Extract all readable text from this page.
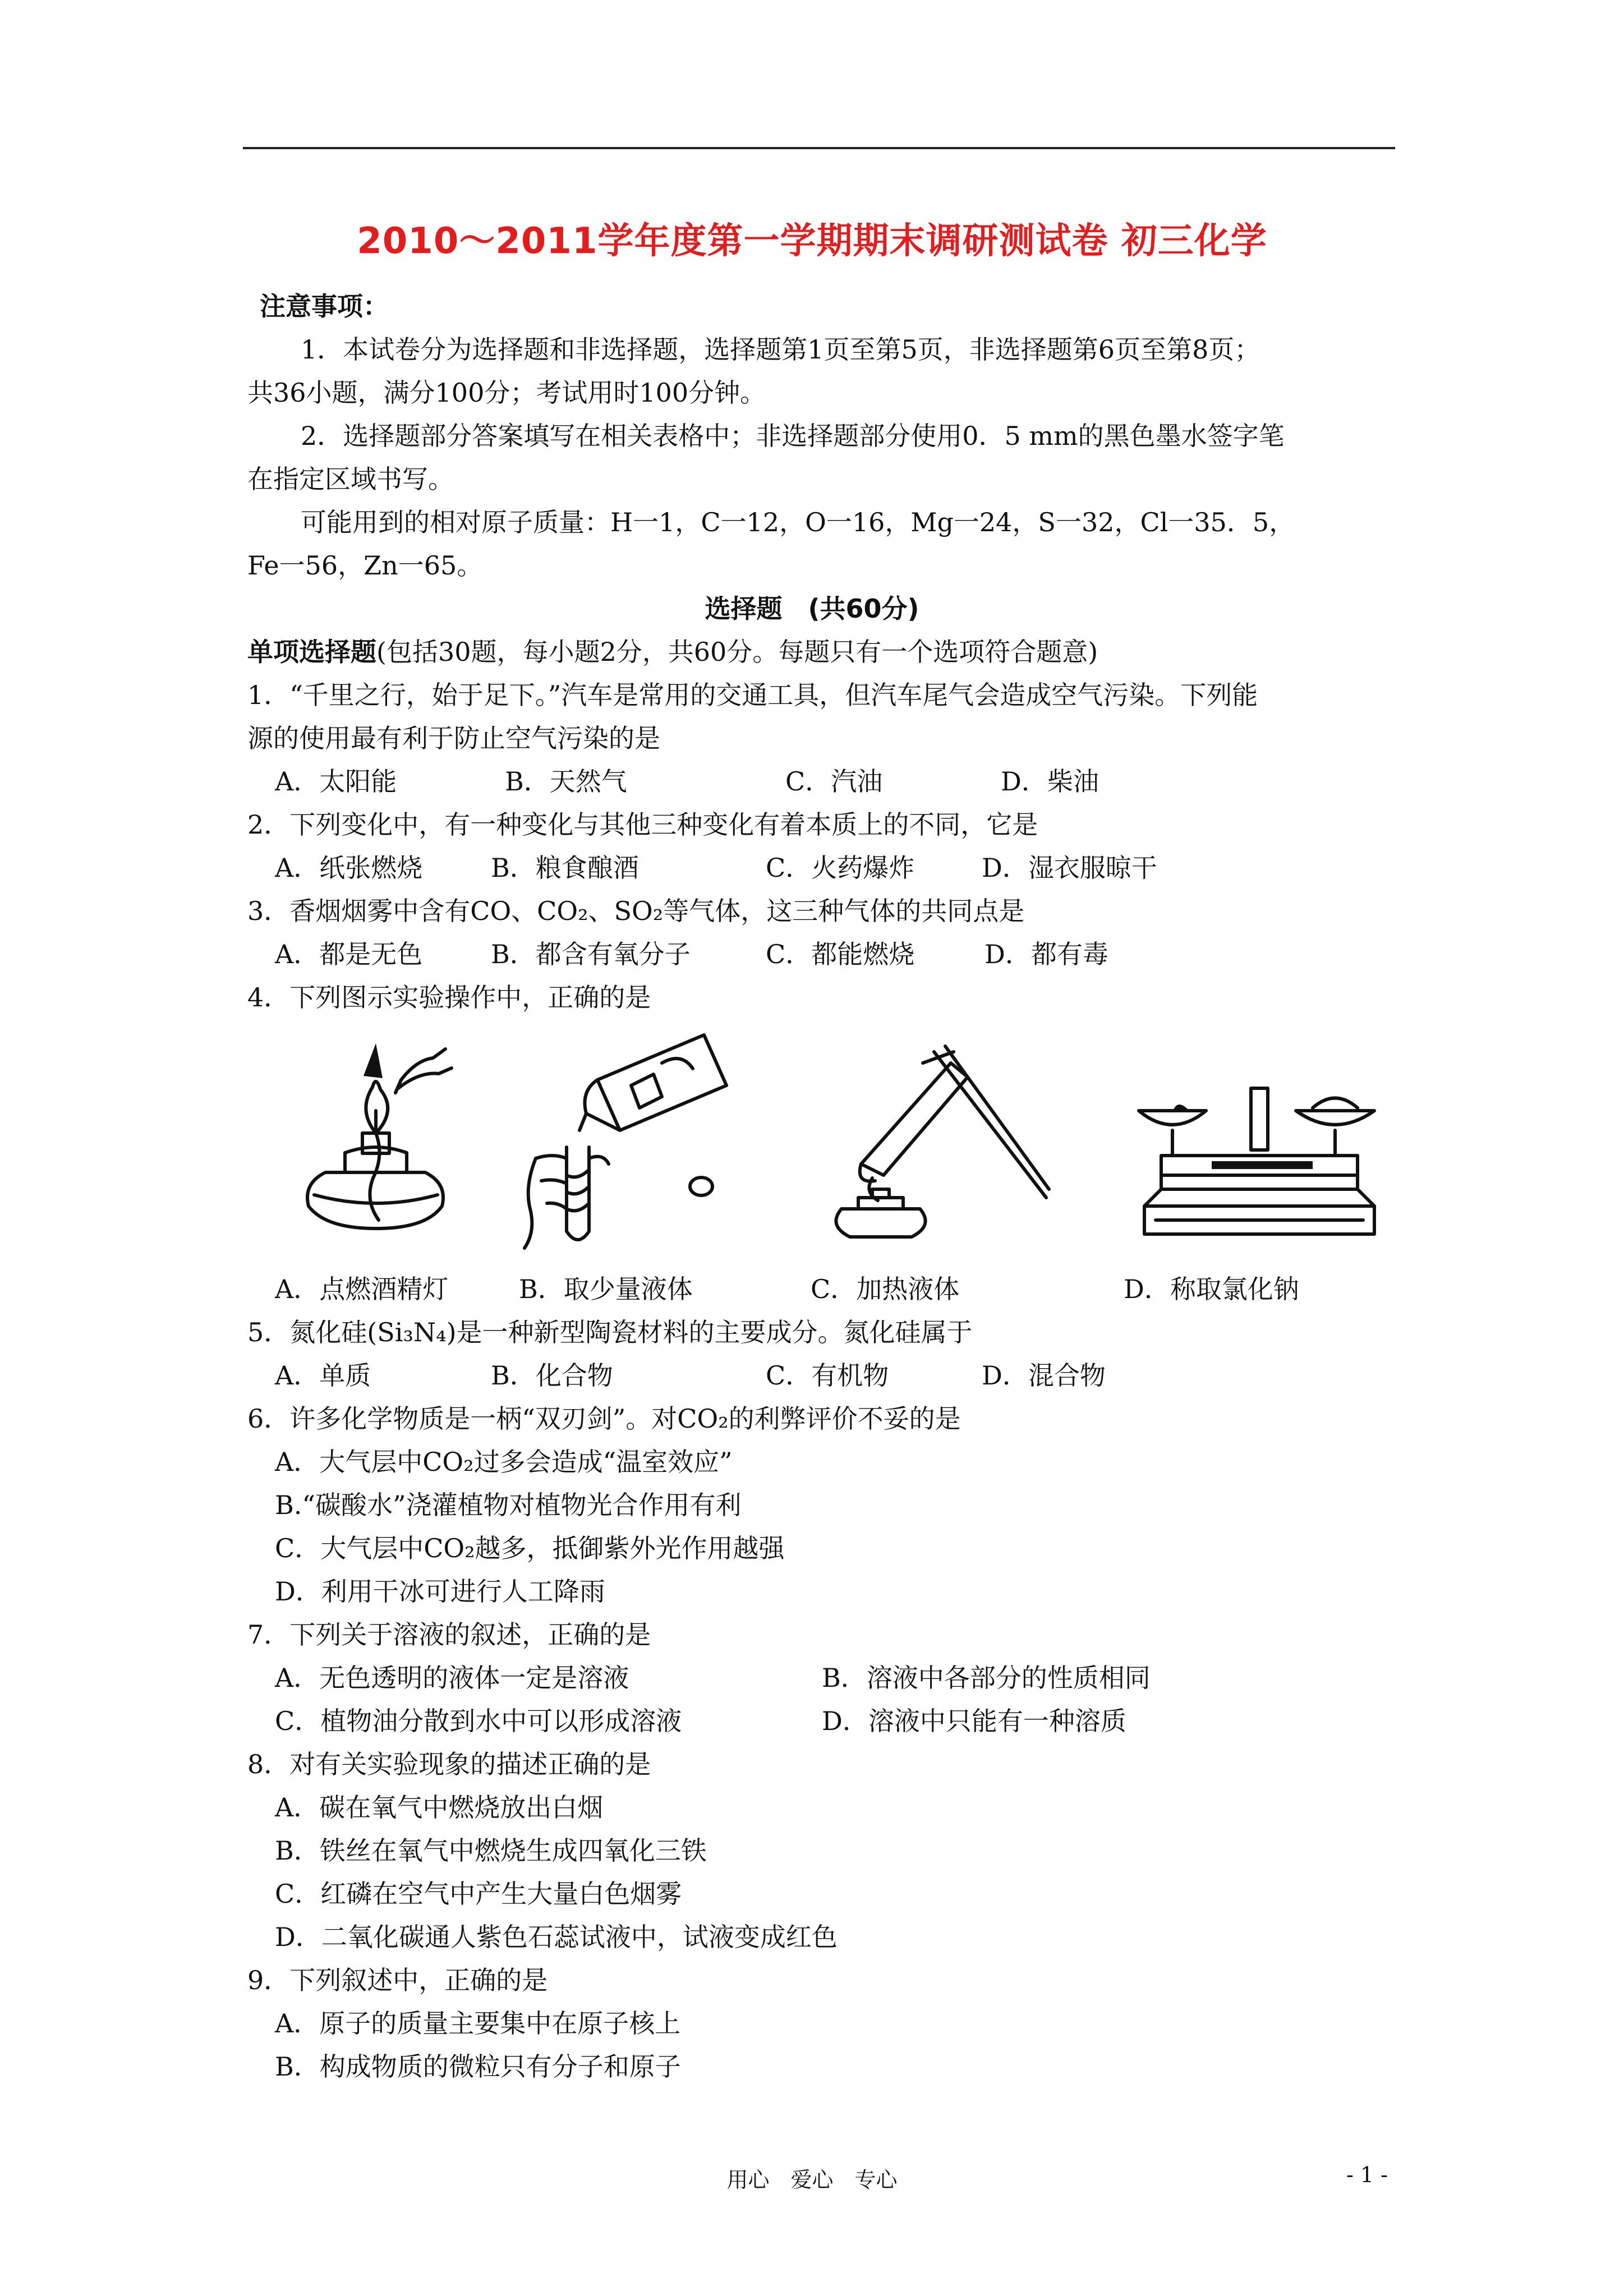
2010～2011学年度第一学期期末调研测试卷 初三化学
注意事项：
1．本试卷分为选择题和非选择题，选择题第1页至第5页，非选择题第6页至第8页；
共36小题，满分100分；考试用时100分钟。
2．选择题部分答案填写在相关表格中；非选择题部分使用0．5 mm的黑色墨水签字笔
在指定区域书写。
可能用到的相对原子质量：H一1，C一12，O一16，Mg一24，S一32，Cl一35．5，
Fe一56，Zn一65。
选择题　(共60分)
单项选择题(包括30题，每小题2分，共60分。每题只有一个选项符合题意)
1．“千里之行，始于足下。”汽车是常用的交通工具，但汽车尾气会造成空气污染。下列能
源的使用最有利于防止空气污染的是
A．太阳能	B．天然气	C．汽油	D．柴油
2．下列变化中，有一种变化与其他三种变化有着本质上的不同，它是
A．纸张燃烧	B．粮食酿酒	C．火药爆炸	D．湿衣服晾干
3．香烟烟雾中含有CO、CO₂、SO₂等气体，这三种气体的共同点是
A．都是无色	B．都含有氧分子	C．都能燃烧	D．都有毒
4．下列图示实验操作中，正确的是
A．点燃酒精灯	B．取少量液体	C．加热液体	D．称取氯化钠
5．氮化硅(Si₃N₄)是一种新型陶瓷材料的主要成分。氮化硅属于
A．单质	B．化合物	C．有机物	D．混合物
6．许多化学物质是一柄“双刃剑”。对CO₂的利弊评价不妥的是
A．大气层中CO₂过多会造成“温室效应”
B.“碳酸水”浇灌植物对植物光合作用有利
C．大气层中CO₂越多，抵御紫外光作用越强
D．利用干冰可进行人工降雨
7．下列关于溶液的叙述，正确的是
A．无色透明的液体一定是溶液	B．溶液中各部分的性质相同
C．植物油分散到水中可以形成溶液	D．溶液中只能有一种溶质
8．对有关实验现象的描述正确的是
A．碳在氧气中燃烧放出白烟
B．铁丝在氧气中燃烧生成四氧化三铁
C．红磷在空气中产生大量白色烟雾
D．二氧化碳通人紫色石蕊试液中，试液变成红色
9．下列叙述中，正确的是
A．原子的质量主要集中在原子核上
B．构成物质的微粒只有分子和原子
用心　爱心　专心	- 1 -
